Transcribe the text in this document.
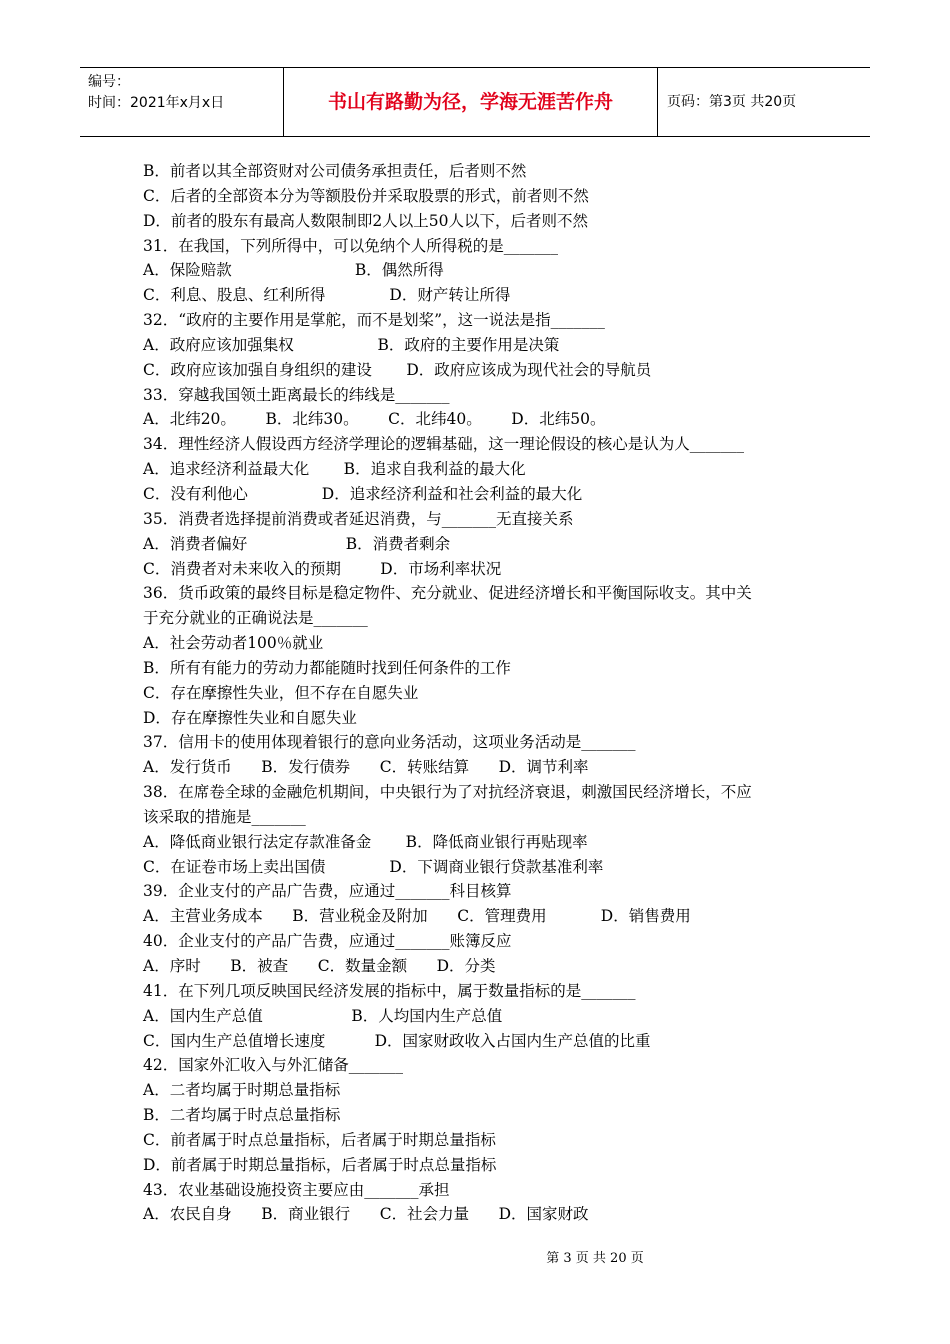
编号：
时间：2021年x月x日	书山有路勤为径，学海无涯苦作舟	页码：第3页 共20页
B．前者以其全部资财对公司债务承担责任，后者则不然
C．后者的全部资本分为等额股份并采取股票的形式，前者则不然
D．前者的股东有最高人数限制即2人以上50人以下，后者则不然
31．在我国，下列所得中，可以免纳个人所得税的是_______
A．保险赔款                         B．偶然所得
C．利息、股息、红利所得             D．财产转让所得
32．“政府的主要作用是掌舵，而不是划桨”，这一说法是指_______
A．政府应该加强集权                 B．政府的主要作用是决策
C．政府应该加强自身组织的建设       D．政府应该成为现代社会的导航员
33．穿越我国领土距离最长的纬线是_______
A．北纬20。      B．北纬30。      C．北纬40。      D．北纬50。
34．理性经济人假设西方经济学理论的逻辑基础，这一理论假设的核心是认为人_______
A．追求经济利益最大化       B．追求自我利益的最大化
C．没有利他心               D．追求经济利益和社会利益的最大化
35．消费者选择提前消费或者延迟消费，与_______无直接关系
A．消费者偏好                    B．消费者剩余
C．消费者对未来收入的预期        D．市场利率状况
36．货币政策的最终目标是稳定物件、充分就业、促进经济增长和平衡国际收支。其中关
于充分就业的正确说法是_______
A．社会劳动者100％就业
B．所有有能力的劳动力都能随时找到任何条件的工作
C．存在摩擦性失业，但不存在自愿失业
D．存在摩擦性失业和自愿失业
37．信用卡的使用体现着银行的意向业务活动，这项业务活动是_______
A．发行货币      B．发行债券      C．转账结算      D．调节利率
38．在席卷全球的金融危机期间，中央银行为了对抗经济衰退，刺激国民经济增长，不应
该采取的措施是_______
A．降低商业银行法定存款准备金       B．降低商业银行再贴现率
C．在证卷市场上卖出国债             D．下调商业银行贷款基准利率
39．企业支付的产品广告费，应通过_______科目核算
A．主营业务成本      B．营业税金及附加      C．管理费用           D．销售费用
40．企业支付的产品广告费，应通过_______账簿反应
A．序时      B．被查      C．数量金额      D．分类
41．在下列几项反映国民经济发展的指标中，属于数量指标的是_______
A．国内生产总值                  B．人均国内生产总值
C．国内生产总值增长速度          D．国家财政收入占国内生产总值的比重
42．国家外汇收入与外汇储备_______
A．二者均属于时期总量指标
B．二者均属于时点总量指标
C．前者属于时点总量指标，后者属于时期总量指标
D．前者属于时期总量指标，后者属于时点总量指标
43．农业基础设施投资主要应由_______承担
A．农民自身      B．商业银行      C．社会力量      D．国家财政
第 3 页 共 20 页
